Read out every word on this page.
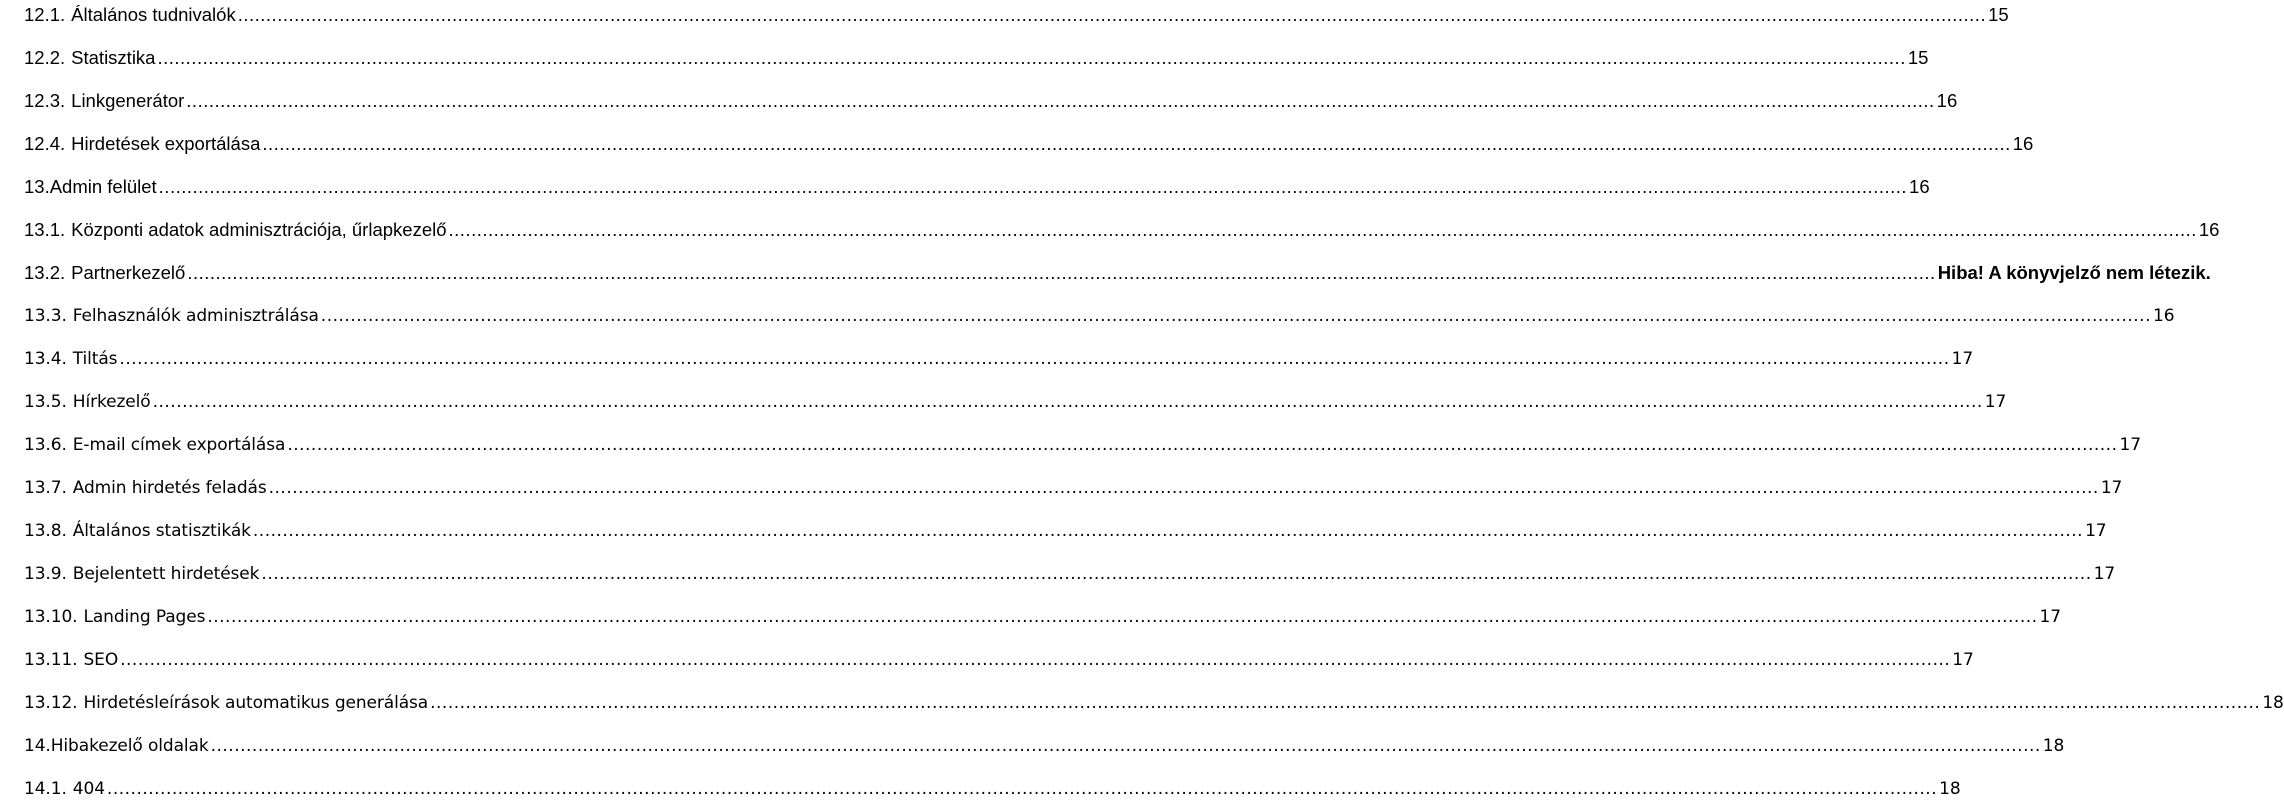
12.1. Általános tudnivalók .....	15
12.2. Statisztika .....	15
12.3. Linkgenerátor .....	16
12.4. Hirdetések exportálása .....	16
13. Admin felület .....	16
13.1. Központi adatok adminisztrációja, űrlapkezelő .....	16
13.2. Partnerkezelő .....	Hiba! A könyvjelző nem létezik.
13.3. Felhasználók adminisztrálása .....	16
13.4. Tiltás .....	17
13.5. Hírkezelő .....	17
13.6. E-mail címek exportálása .....	17
13.7. Admin hirdetés feladás .....	17
13.8. Általános statisztikák .....	17
13.9. Bejelentett hirdetések .....	17
13.10. Landing Pages .....	17
13.11. SEO .....	17
13.12. Hirdetésleírások automatikus generálása .....	18
14. Hibakezelő oldalak .....	18
14.1. 404 .....	18
